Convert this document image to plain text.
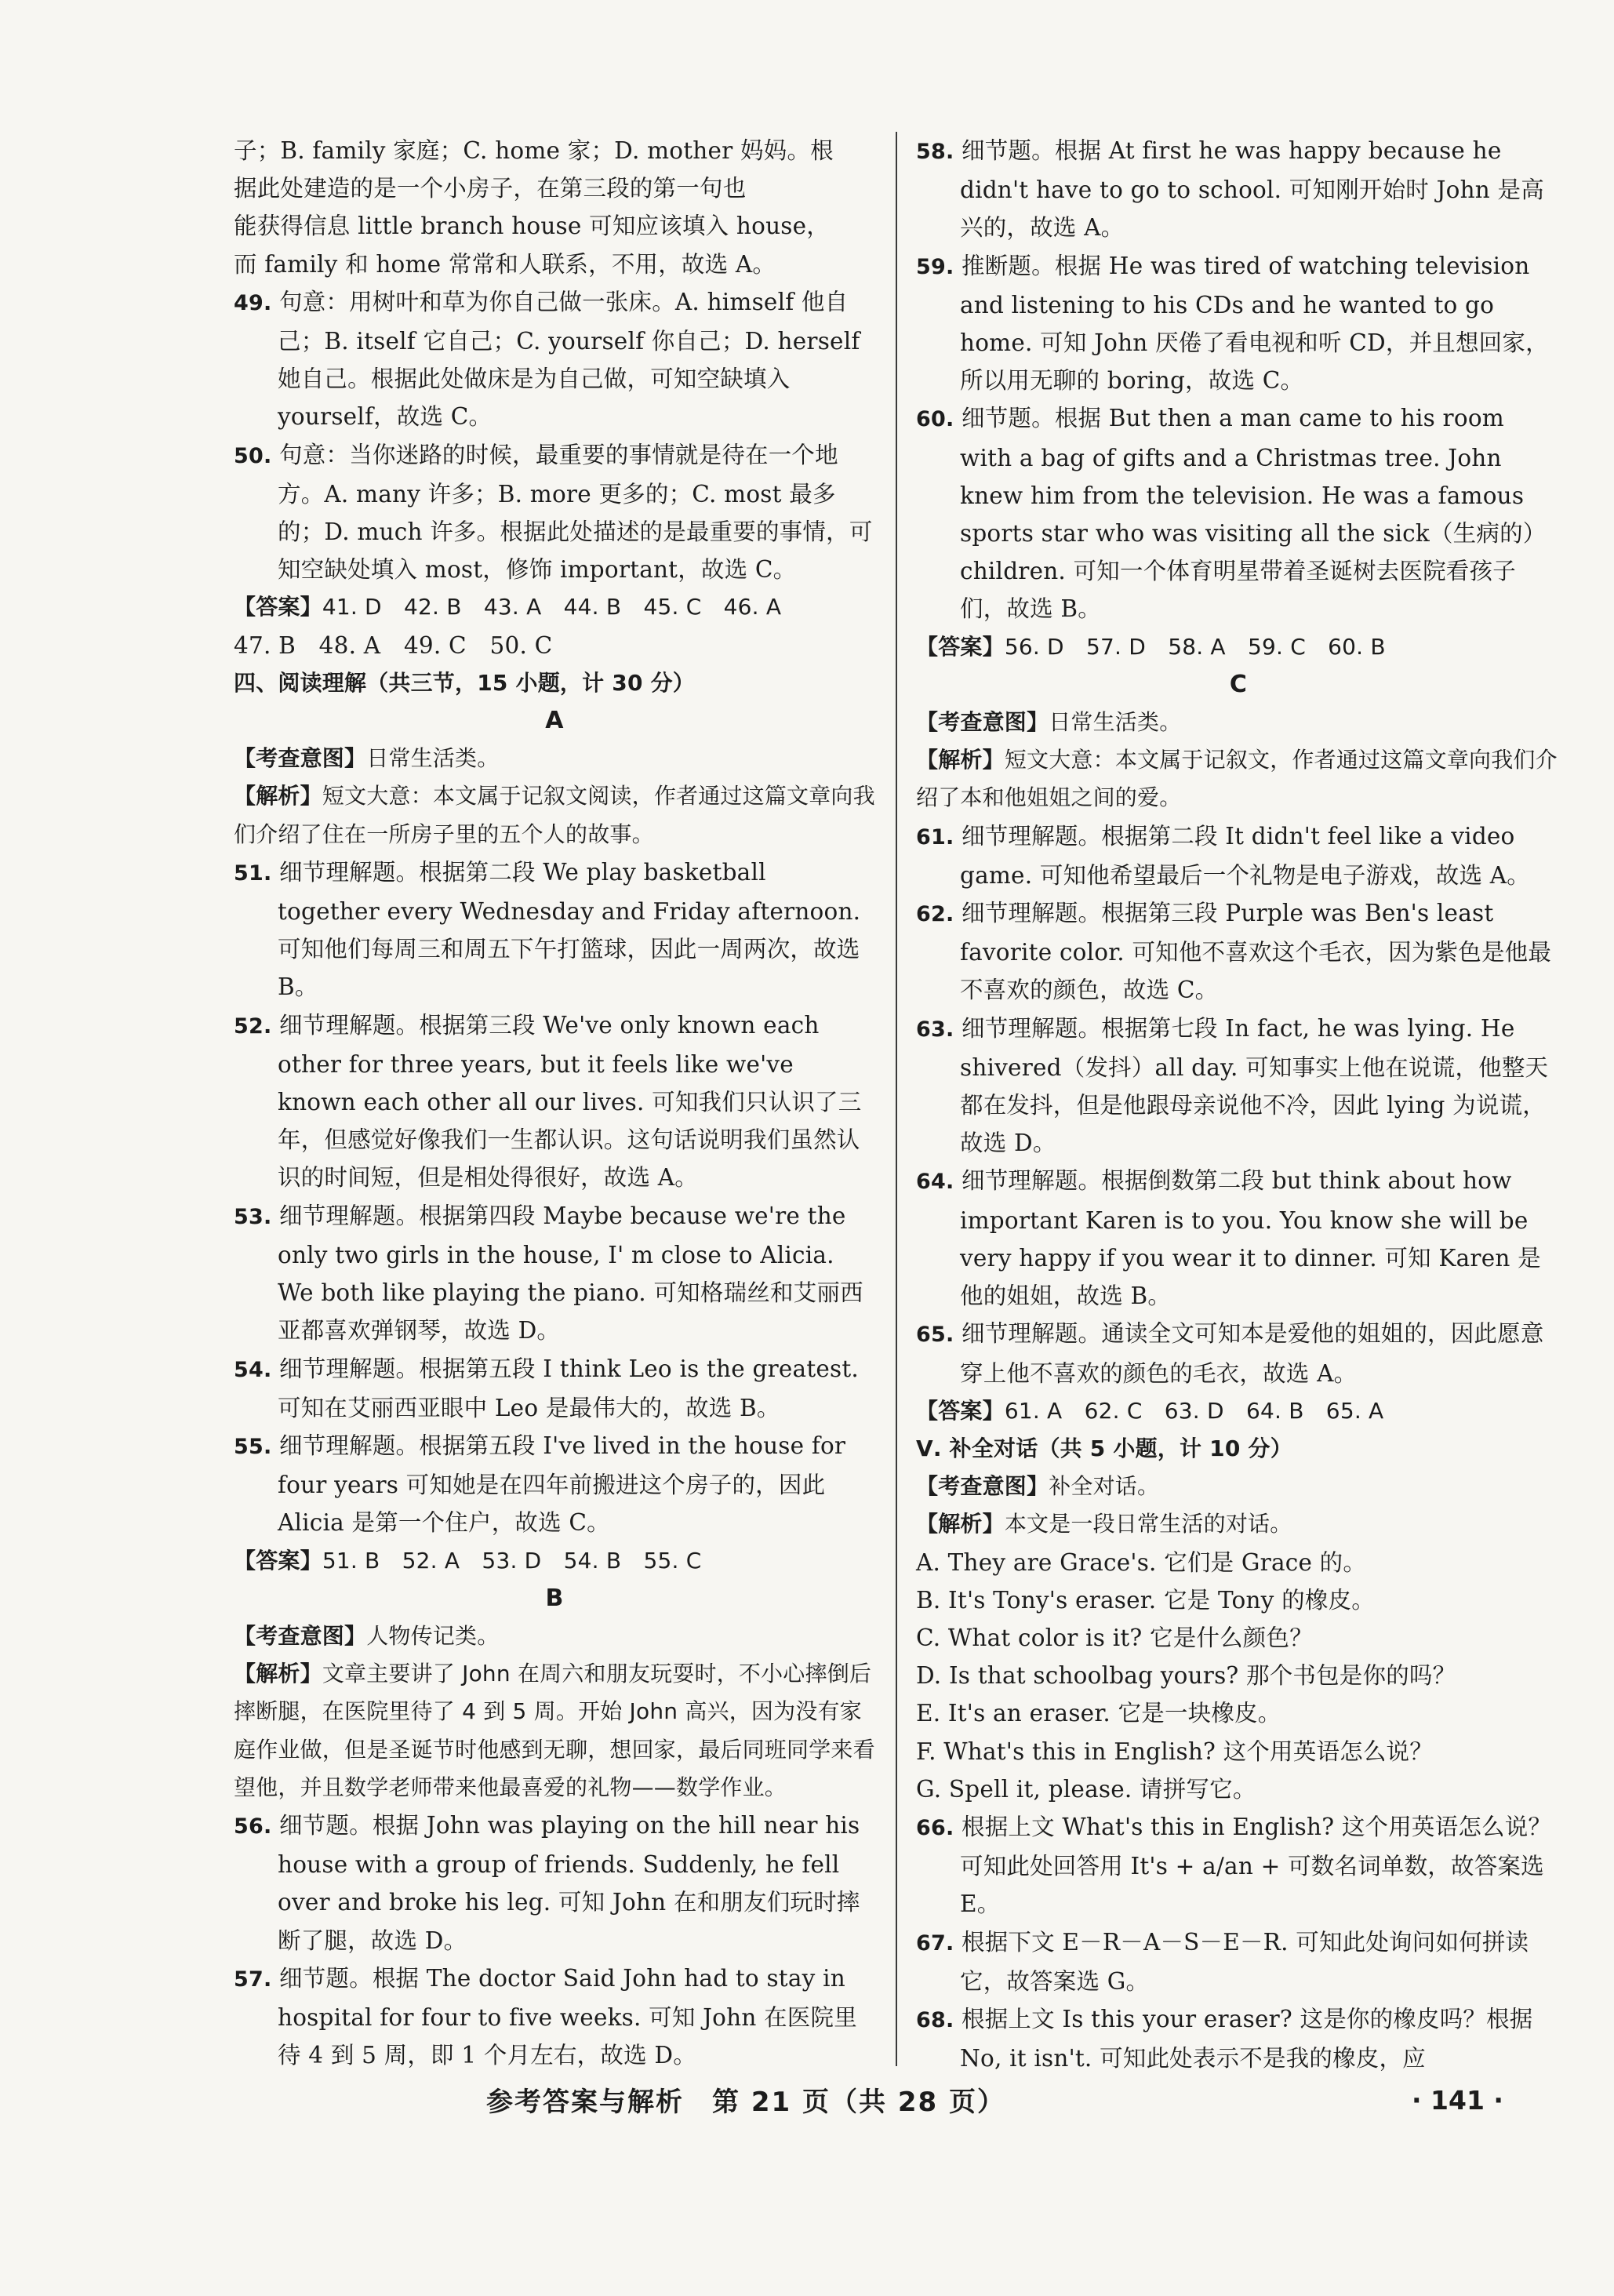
子；B. family 家庭；C. home 家；D. mother 妈妈。根
据此处建造的是一个小房子，在第三段的第一句也
能获得信息 little branch house 可知应该填入 house，
而 family 和 home 常常和人联系，不用，故选 A。
49. 句意：用树叶和草为你自己做一张床。A. himself 他自己；B. itself 它自己；C. yourself 你自己；D. herself 她自己。根据此处做床是为自己做，可知空缺填入 yourself，故选 C。
50. 句意：当你迷路的时候，最重要的事情就是待在一个地方。A. many 许多；B. more 更多的；C. most 最多的；D. much 许多。根据此处描述的是最重要的事情，可知空缺处填入 most，修饰 important，故选 C。
【答案】41. D　42. B　43. A　44. B　45. C　46. A
47. B　48. A　49. C　50. C
四、阅读理解（共三节，15 小题，计 30 分）
A
【考查意图】日常生活类。
【解析】短文大意：本文属于记叙文阅读，作者通过这篇文章向我们介绍了住在一所房子里的五个人的故事。
51. 细节理解题。根据第二段 We play basketball together every Wednesday and Friday afternoon. 可知他们每周三和周五下午打篮球，因此一周两次，故选 B。
52. 细节理解题。根据第三段 We've only known each other for three years, but it feels like we've known each other all our lives. 可知我们只认识了三年，但感觉好像我们一生都认识。这句话说明我们虽然认识的时间短，但是相处得很好，故选 A。
53. 细节理解题。根据第四段 Maybe because we're the only two girls in the house, I' m close to Alicia. We both like playing the piano. 可知格瑞丝和艾丽西亚都喜欢弹钢琴，故选 D。
54. 细节理解题。根据第五段 I think Leo is the greatest. 可知在艾丽西亚眼中 Leo 是最伟大的，故选 B。
55. 细节理解题。根据第五段 I've lived in the house for four years 可知她是在四年前搬进这个房子的，因此 Alicia 是第一个住户，故选 C。
【答案】51. B　52. A　53. D　54. B　55. C
B
【考查意图】人物传记类。
【解析】文章主要讲了 John 在周六和朋友玩耍时，不小心摔倒后摔断腿，在医院里待了 4 到 5 周。开始 John 高兴，因为没有家庭作业做，但是圣诞节时他感到无聊，想回家，最后同班同学来看望他，并且数学老师带来他最喜爱的礼物——数学作业。
56. 细节题。根据 John was playing on the hill near his house with a group of friends. Suddenly, he fell over and broke his leg. 可知 John 在和朋友们玩时摔断了腿，故选 D。
57. 细节题。根据 The doctor Said John had to stay in hospital for four to five weeks. 可知 John 在医院里待 4 到 5 周，即 1 个月左右，故选 D。
58. 细节题。根据 At first he was happy because he didn't have to go to school. 可知刚开始时 John 是高兴的，故选 A。
59. 推断题。根据 He was tired of watching television and listening to his CDs and he wanted to go home. 可知 John 厌倦了看电视和听 CD，并且想回家，所以用无聊的 boring，故选 C。
60. 细节题。根据 But then a man came to his room with a bag of gifts and a Christmas tree. John knew him from the television. He was a famous sports star who was visiting all the sick（生病的）children. 可知一个体育明星带着圣诞树去医院看孩子们，故选 B。
【答案】56. D　57. D　58. A　59. C　60. B
C
【考查意图】日常生活类。
【解析】短文大意：本文属于记叙文，作者通过这篇文章向我们介绍了本和他姐姐之间的爱。
61. 细节理解题。根据第二段 It didn't feel like a video game. 可知他希望最后一个礼物是电子游戏，故选 A。
62. 细节理解题。根据第三段 Purple was Ben's least favorite color. 可知他不喜欢这个毛衣，因为紫色是他最不喜欢的颜色，故选 C。
63. 细节理解题。根据第七段 In fact, he was lying. He shivered（发抖）all day. 可知事实上他在说谎，他整天都在发抖，但是他跟母亲说他不冷，因此 lying 为说谎，故选 D。
64. 细节理解题。根据倒数第二段 but think about how important Karen is to you. You know she will be very happy if you wear it to dinner. 可知 Karen 是他的姐姐，故选 B。
65. 细节理解题。通读全文可知本是爱他的姐姐的，因此愿意穿上他不喜欢的颜色的毛衣，故选 A。
【答案】61. A　62. C　63. D　64. B　65. A
Ⅴ. 补全对话（共 5 小题，计 10 分）
【考查意图】补全对话。
【解析】本文是一段日常生活的对话。
A. They are Grace's. 它们是 Grace 的。
B. It's Tony's eraser. 它是 Tony 的橡皮。
C. What color is it? 它是什么颜色？
D. Is that schoolbag yours? 那个书包是你的吗？
E. It's an eraser. 它是一块橡皮。
F. What's this in English? 这个用英语怎么说？
G. Spell it, please. 请拼写它。
66. 根据上文 What's this in English? 这个用英语怎么说？可知此处回答用 It's + a/an + 可数名词单数，故答案选 E。
67. 根据下文 E－R－A－S－E－R. 可知此处询问如何拼读它，故答案选 G。
68. 根据上文 Is this your eraser? 这是你的橡皮吗？根据 No, it isn't. 可知此处表示不是我的橡皮，应
参考答案与解析　第 21 页（共 28 页）	· 141 ·
